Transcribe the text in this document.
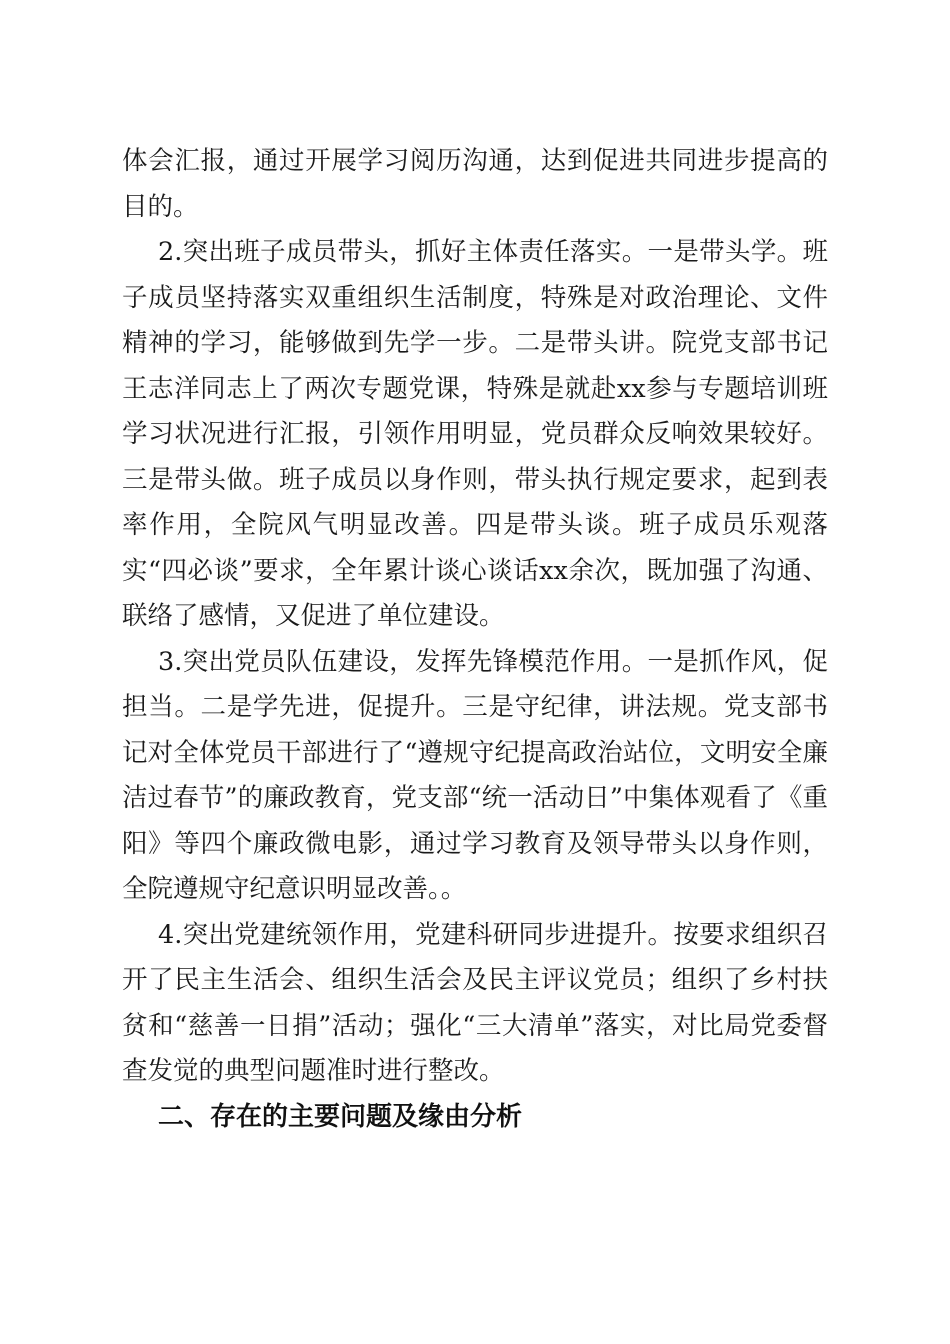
体会汇报，通过开展学习阅历沟通，达到促进共同进步提高的目的。

2.突出班子成员带头，抓好主体责任落实。一是带头学。班子成员坚持落实双重组织生活制度，特殊是对政治理论、文件精神的学习，能够做到先学一步。二是带头讲。院党支部书记王志洋同志上了两次专题党课，特殊是就赴xx参与专题培训班学习状况进行汇报，引领作用明显，党员群众反响效果较好。三是带头做。班子成员以身作则，带头执行规定要求，起到表率作用，全院风气明显改善。四是带头谈。班子成员乐观落实“四必谈”要求，全年累计谈心谈话xx余次，既加强了沟通、联络了感情，又促进了单位建设。

3.突出党员队伍建设，发挥先锋模范作用。一是抓作风，促担当。二是学先进，促提升。三是守纪律，讲法规。党支部书记对全体党员干部进行了“遵规守纪提高政治站位，文明安全廉洁过春节”的廉政教育，党支部“统一活动日”中集体观看了《重阳》等四个廉政微电影，通过学习教育及领导带头以身作则，全院遵规守纪意识明显改善。。

4.突出党建统领作用，党建科研同步进提升。按要求组织召开了民主生活会、组织生活会及民主评议党员；组织了乡村扶贫和“慈善一日捐”活动；强化“三大清单”落实，对比局党委督查发觉的典型问题准时进行整改。

二、存在的主要问题及缘由分析
